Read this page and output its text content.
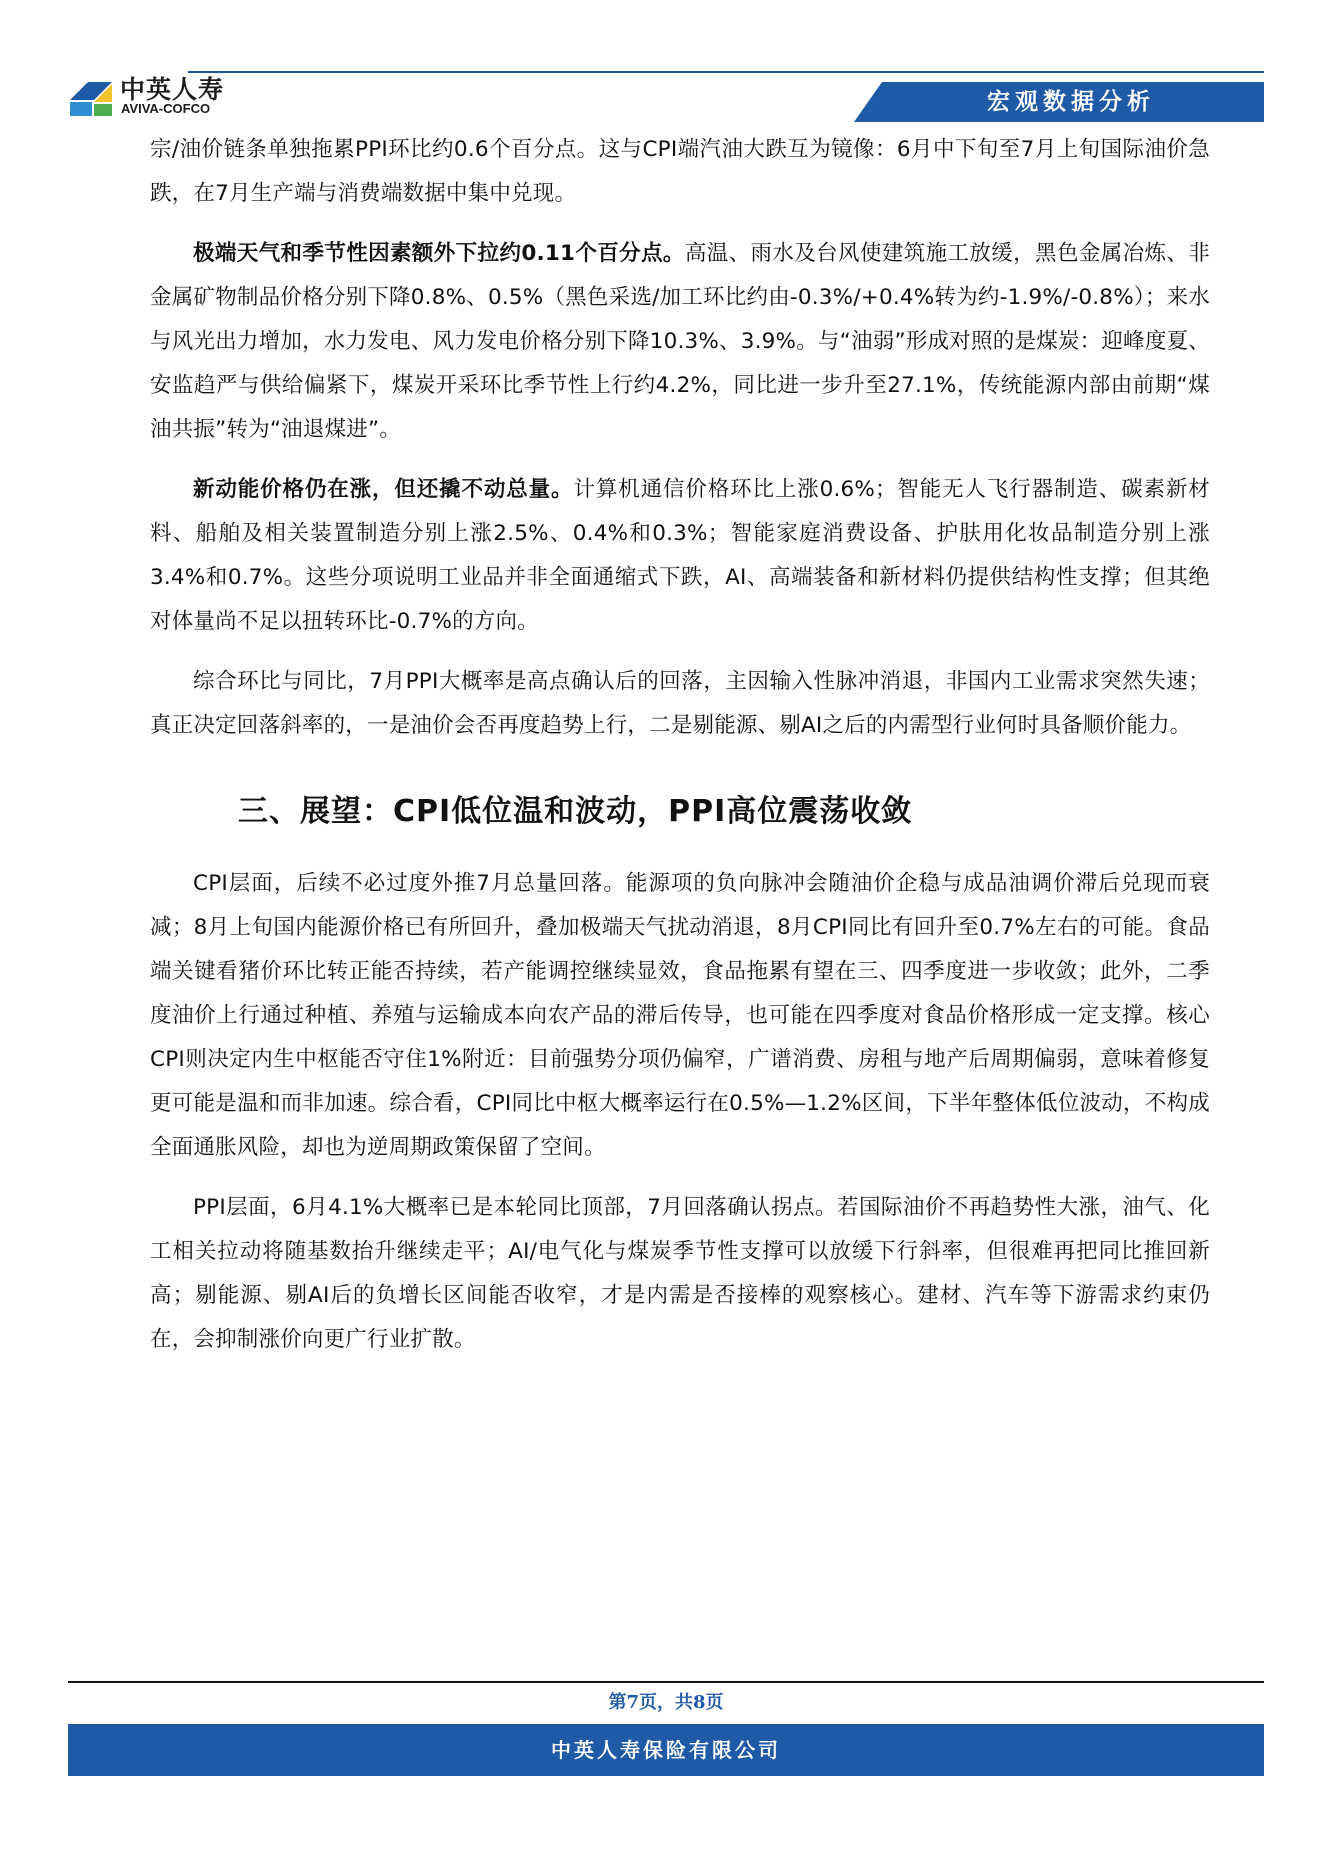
中英人寿
AVIVA-COFCO	宏观数据分析

宗/油价链条单独拖累PPI环比约0.6个百分点。这与CPI端汽油大跌互为镜像：6月中下旬至7月上旬国际油价急跌，在7月生产端与消费端数据中集中兑现。

极端天气和季节性因素额外下拉约0.11个百分点。高温、雨水及台风使建筑施工放缓，黑色金属冶炼、非金属矿物制品价格分别下降0.8%、0.5%（黑色采选/加工环比约由-0.3%/+0.4%转为约-1.9%/-0.8%）；来水与风光出力增加，水力发电、风力发电价格分别下降10.3%、3.9%。与“油弱”形成对照的是煤炭：迎峰度夏、安监趋严与供给偏紧下，煤炭开采环比季节性上行约4.2%，同比进一步升至27.1%，传统能源内部由前期“煤油共振”转为“油退煤进”。

新动能价格仍在涨，但还撬不动总量。计算机通信价格环比上涨0.6%；智能无人飞行器制造、碳素新材料、船舶及相关装置制造分别上涨2.5%、0.4%和0.3%；智能家庭消费设备、护肤用化妆品制造分别上涨3.4%和0.7%。这些分项说明工业品并非全面通缩式下跌，AI、高端装备和新材料仍提供结构性支撑；但其绝对体量尚不足以扭转环比-0.7%的方向。

综合环比与同比，7月PPI大概率是高点确认后的回落，主因输入性脉冲消退，非国内工业需求突然失速；真正决定回落斜率的，一是油价会否再度趋势上行，二是剔能源、剔AI之后的内需型行业何时具备顺价能力。

三、展望：CPI低位温和波动，PPI高位震荡收敛

CPI层面，后续不必过度外推7月总量回落。能源项的负向脉冲会随油价企稳与成品油调价滞后兑现而衰减；8月上旬国内能源价格已有所回升，叠加极端天气扰动消退，8月CPI同比有回升至0.7%左右的可能。食品端关键看猪价环比转正能否持续，若产能调控继续显效，食品拖累有望在三、四季度进一步收敛；此外，二季度油价上行通过种植、养殖与运输成本向农产品的滞后传导，也可能在四季度对食品价格形成一定支撑。核心CPI则决定内生中枢能否守住1%附近：目前强势分项仍偏窄，广谱消费、房租与地产后周期偏弱，意味着修复更可能是温和而非加速。综合看，CPI同比中枢大概率运行在0.5%—1.2%区间，下半年整体低位波动，不构成全面通胀风险，却也为逆周期政策保留了空间。

PPI层面，6月4.1%大概率已是本轮同比顶部，7月回落确认拐点。若国际油价不再趋势性大涨，油气、化工相关拉动将随基数抬升继续走平；AI/电气化与煤炭季节性支撑可以放缓下行斜率，但很难再把同比推回新高；剔能源、剔AI后的负增长区间能否收窄，才是内需是否接棒的观察核心。建材、汽车等下游需求约束仍在，会抑制涨价向更广行业扩散。

第7页，共8页
中英人寿保险有限公司
